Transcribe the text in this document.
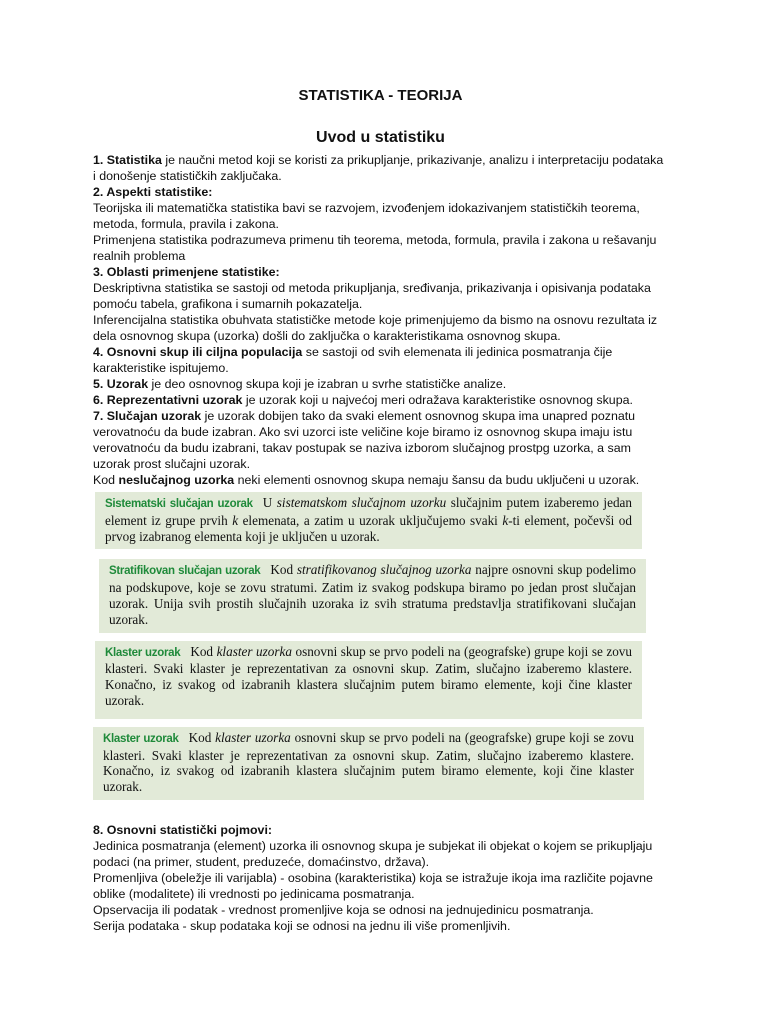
STATISTIKA - TEORIJA
Uvod u statistiku

1. Statistika je naučni metod koji se koristi za prikupljanje, prikazivanje, analizu i interpretaciju podataka i donošenje statističkih zaključaka.

2. Aspekti statistike:

Teorijska ili matematička statistika bavi se razvojem, izvođenjem idokazivanjem statističkih teorema, metoda, formula, pravila i zakona.

Primenjena statistika podrazumeva primenu tih teorema, metoda, formula, pravila i zakona u rešavanju realnih problema

3. Oblasti primenjene statistike:

Deskriptivna statistika se sastoji od metoda prikupljanja, sređivanja, prikazivanja i opisivanja podataka pomoću tabela, grafikona i sumarnih pokazatelja.

Inferencijalna statistika obuhvata statističke metode koje primenjujemo da bismo na osnovu rezultata iz dela osnovnog skupa (uzorka) došli do zaključka o karakteristikama osnovnog skupa.

4. Osnovni skup ili ciljna populacija se sastoji od svih elemenata ili jedinica posmatranja čije karakteristike ispitujemo.

5. Uzorak je deo osnovnog skupa koji je izabran u svrhe statističke analize.

6. Reprezentativni uzorak je uzorak koji u najvećoj meri odražava karakteristike osnovnog skupa.

7. Slučajan uzorak je uzorak dobijen tako da svaki element osnovnog skupa ima unapred poznatu verovatnoću da bude izabran. Ako svi uzorci iste veličine koje biramo iz osnovnog skupa imaju istu verovatnoću da budu izabrani, takav postupak se naziva izborom slučajnog prostpg uzorka, a sam uzorak prost slučajni uzorak.

Kod neslučajnog uzorka neki elementi osnovnog skupa nemaju šansu da budu uključeni u uzorak.

Sistematski slučajan uzorak U sistematskom slučajnom uzorku slučajnim putem izaberemo jedan element iz grupe prvih k elemenata, a zatim u uzorak uključujemo svaki k-ti element, počevši od prvog izabranog elementa koji je uključen u uzorak.
Stratifikovan slučajan uzorak Kod stratifikovanog slučajnog uzorka najpre osnovni skup podelimo na podskupove, koje se zovu stratumi. Zatim iz svakog podskupa biramo po jedan prost slučajan uzorak. Unija svih prostih slučajnih uzoraka iz svih stratuma predstavlja stratifikovani slučajan uzorak.
Klaster uzorak Kod klaster uzorka osnovni skup se prvo podeli na (geografske) grupe koji se zovu klasteri. Svaki klaster je reprezentativan za osnovni skup. Zatim, slučajno izaberemo klastere. Konačno, iz svakog od izabranih klastera slučajnim putem biramo elemente, koji čine klaster uzorak.
Klaster uzorak Kod klaster uzorka osnovni skup se prvo podeli na (geografske) grupe koji se zovu klasteri. Svaki klaster je reprezentativan za osnovni skup. Zatim, slučajno izaberemo klastere. Konačno, iz svakog od izabranih klastera slučajnim putem biramo elemente, koji čine klaster uzorak.

8. Osnovni statistički pojmovi:

Jedinica posmatranja (element) uzorka ili osnovnog skupa je subjekat ili objekat o kojem se prikupljaju podaci (na primer, student, preduzeće, domaćinstvo, država).

Promenljiva (obeležje ili varijabla) - osobina (karakteristika) koja se istražuje ikoja ima različite pojavne oblike (modalitete) ili vrednosti po jedinicama posmatranja.

Opservacija ili podatak - vrednost promenljive koja se odnosi na jednujedinicu posmatranja.

Serija podataka - skup podataka koji se odnosi na jednu ili više promenljivih.
